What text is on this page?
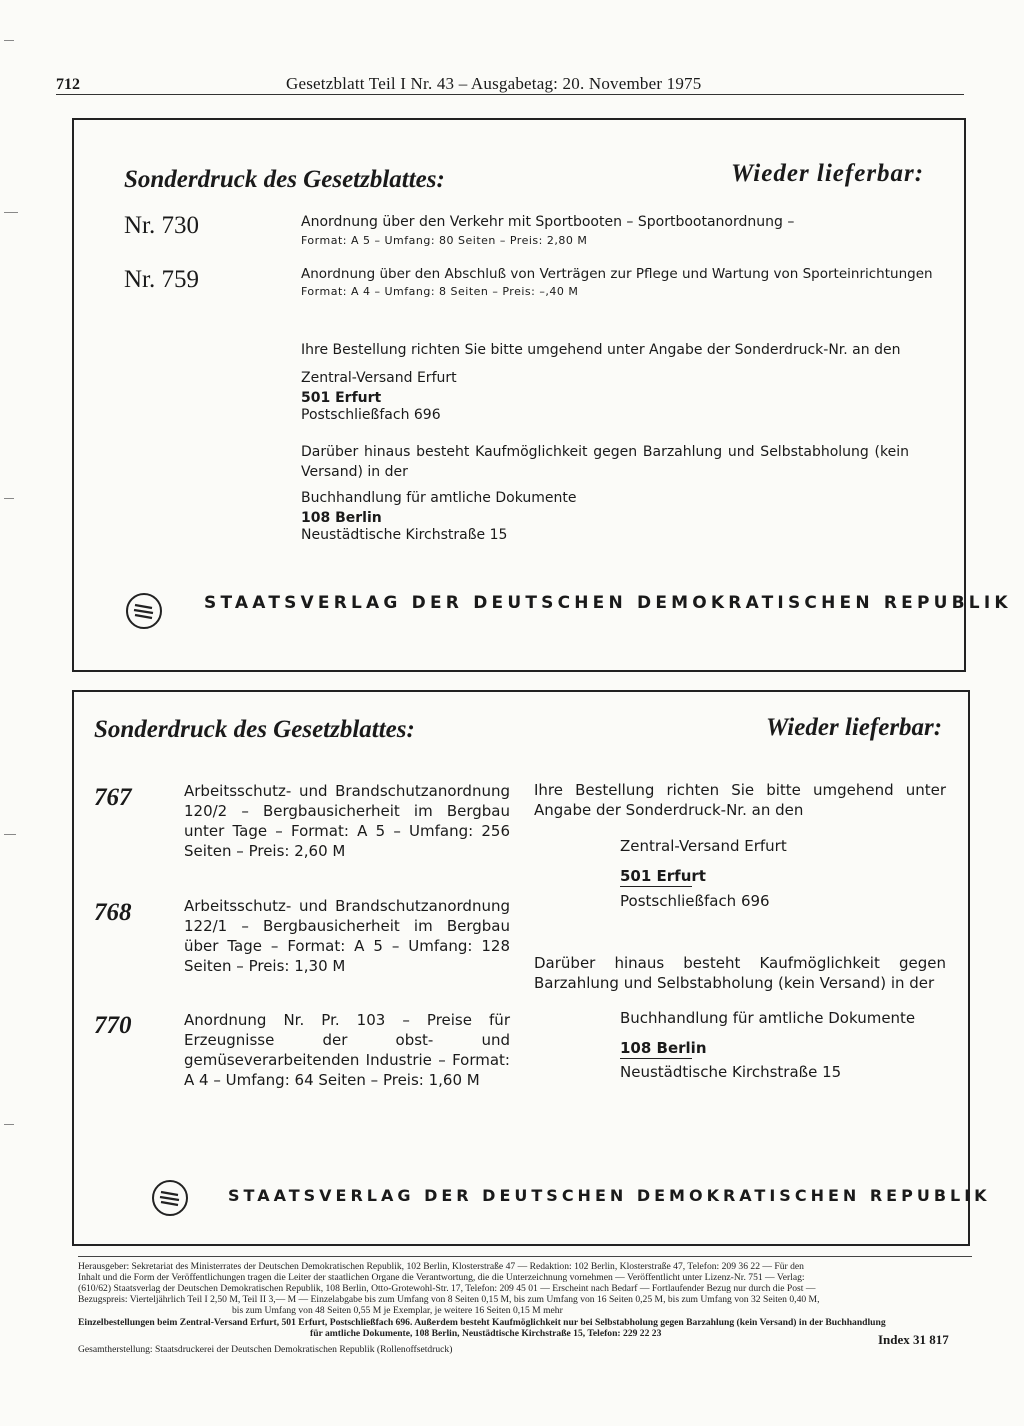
712	Gesetzblatt Teil I Nr. 43 – Ausgabetag: 20. November 1975
Sonderdruck des Gesetzblattes:	Wieder lieferbar:
Nr. 730	Anordnung über den Verkehr mit Sportbooten – Sportbootanordnung –
Format: A 5 – Umfang: 80 Seiten – Preis: 2,80 M
Nr. 759	Anordnung über den Abschluß von Verträgen zur Pflege und Wartung von Sporteinrichtungen
Format: A 4 – Umfang: 8 Seiten – Preis: –,40 M
Ihre Bestellung richten Sie bitte umgehend unter Angabe der Sonderdruck-Nr. an den
Zentral-Versand Erfurt
501 Erfurt
Postschließfach 696
Darüber hinaus besteht Kaufmöglichkeit gegen Barzahlung und Selbstabholung (kein Versand) in der
Buchhandlung für amtliche Dokumente
108 Berlin
Neustädtische Kirchstraße 15
STAATSVERLAG DER DEUTSCHEN DEMOKRATISCHEN REPUBLIK
Sonderdruck des Gesetzblattes:	Wieder lieferbar:
767	Arbeitsschutz- und Brandschutzanordnung 120/2 – Bergbausicherheit im Bergbau unter Tage – Format: A 5 – Umfang: 256 Seiten – Preis: 2,60 M
768	Arbeitsschutz- und Brandschutzanordnung 122/1 – Bergbausicherheit im Bergbau über Tage – Format: A 5 – Umfang: 128 Seiten – Preis: 1,30 M
770	Anordnung Nr. Pr. 103 – Preise für Erzeugnisse der obst- und gemüseverarbeitenden Industrie – Format: A 4 – Umfang: 64 Seiten – Preis: 1,60 M
Ihre Bestellung richten Sie bitte umgehend unter Angabe der Sonderdruck-Nr. an den
Zentral-Versand Erfurt
501 Erfurt
Postschließfach 696
Darüber hinaus besteht Kaufmöglichkeit gegen Barzahlung und Selbstabholung (kein Versand) in der
Buchhandlung für amtliche Dokumente
108 Berlin
Neustädtische Kirchstraße 15
STAATSVERLAG DER DEUTSCHEN DEMOKRATISCHEN REPUBLIK
Herausgeber: Sekretariat des Ministerrates der Deutschen Demokratischen Republik, 102 Berlin, Klosterstraße 47 — Redaktion: 102 Berlin, Klosterstraße 47, Telefon: 209 36 22 — Für den
Inhalt und die Form der Veröffentlichungen tragen die Leiter der staatlichen Organe die Verantwortung, die die Unterzeichnung vornehmen — Veröffentlicht unter Lizenz-Nr. 751 — Verlag:
(610/62) Staatsverlag der Deutschen Demokratischen Republik, 108 Berlin, Otto-Grotewohl-Str. 17, Telefon: 209 45 01 — Erscheint nach Bedarf — Fortlaufender Bezug nur durch die Post —
Bezugspreis: Vierteljährlich Teil I 2,50 M, Teil II 3,— M — Einzelabgabe bis zum Umfang von 8 Seiten 0,15 M, bis zum Umfang von 16 Seiten 0,25 M, bis zum Umfang von 32 Seiten 0,40 M,
bis zum Umfang von 48 Seiten 0,55 M je Exemplar, je weitere 16 Seiten 0,15 M mehr
Einzelbestellungen beim Zentral-Versand Erfurt, 501 Erfurt, Postschließfach 696. Außerdem besteht Kaufmöglichkeit nur bei Selbstabholung gegen Barzahlung (kein Versand) in der Buchhandlung
für amtliche Dokumente, 108 Berlin, Neustädtische Kirchstraße 15, Telefon: 229 22 23
Gesamtherstellung: Staatsdruckerei der Deutschen Demokratischen Republik (Rollenoffsetdruck)
Index 31 817
